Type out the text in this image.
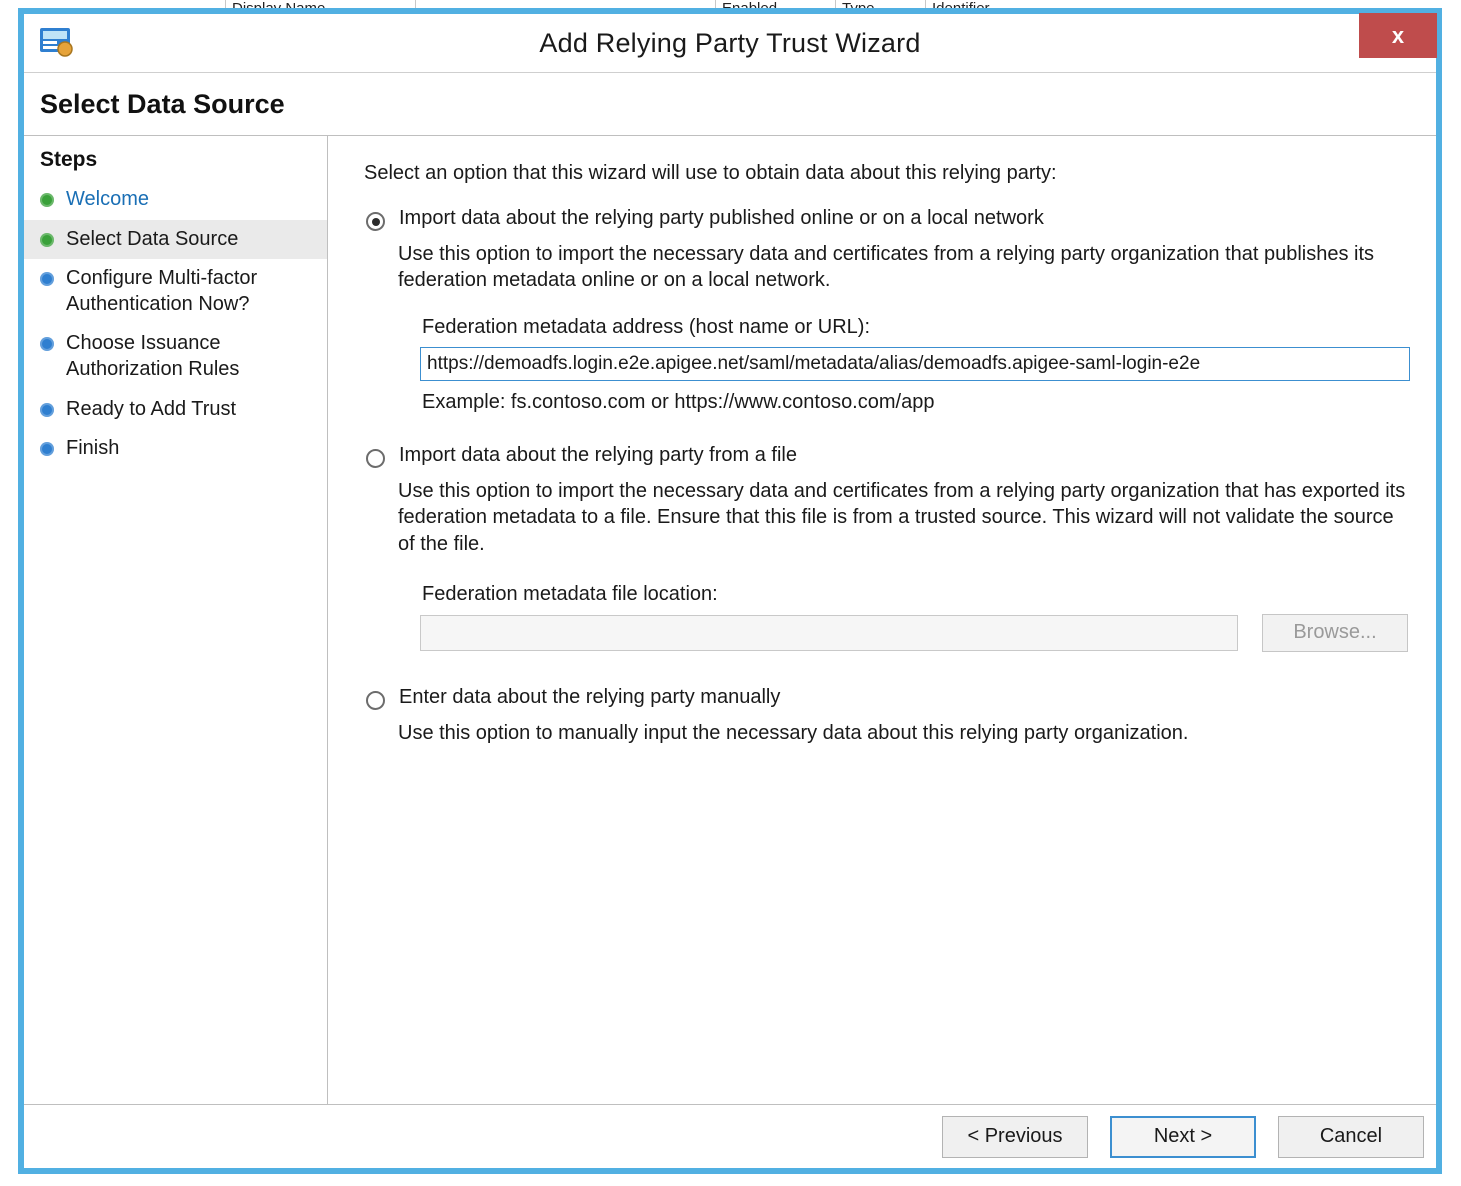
Add Relying Party Trust Wizard	x
Select Data Source
Steps
Welcome
Select Data Source
Configure Multi-factor Authentication Now?
Choose Issuance Authorization Rules
Ready to Add Trust
Finish
Select an option that this wizard will use to obtain data about this relying party:
Import data about the relying party published online or on a local network
Use this option to import the necessary data and certificates from a relying party organization that publishes its federation metadata online or on a local network.
Federation metadata address (host name or URL):
https://demoadfs.login.e2e.apigee.net/saml/metadata/alias/demoadfs.apigee-saml-login-e2e
Example: fs.contoso.com or https://www.contoso.com/app
Import data about the relying party from a file
Use this option to import the necessary data and certificates from a relying party organization that has exported its federation metadata to a file. Ensure that this file is from a trusted source. This wizard will not validate the source of the file.
Federation metadata file location:
Browse...
Enter data about the relying party manually
Use this option to manually input the necessary data about this relying party organization.
< Previous	Next >	Cancel
